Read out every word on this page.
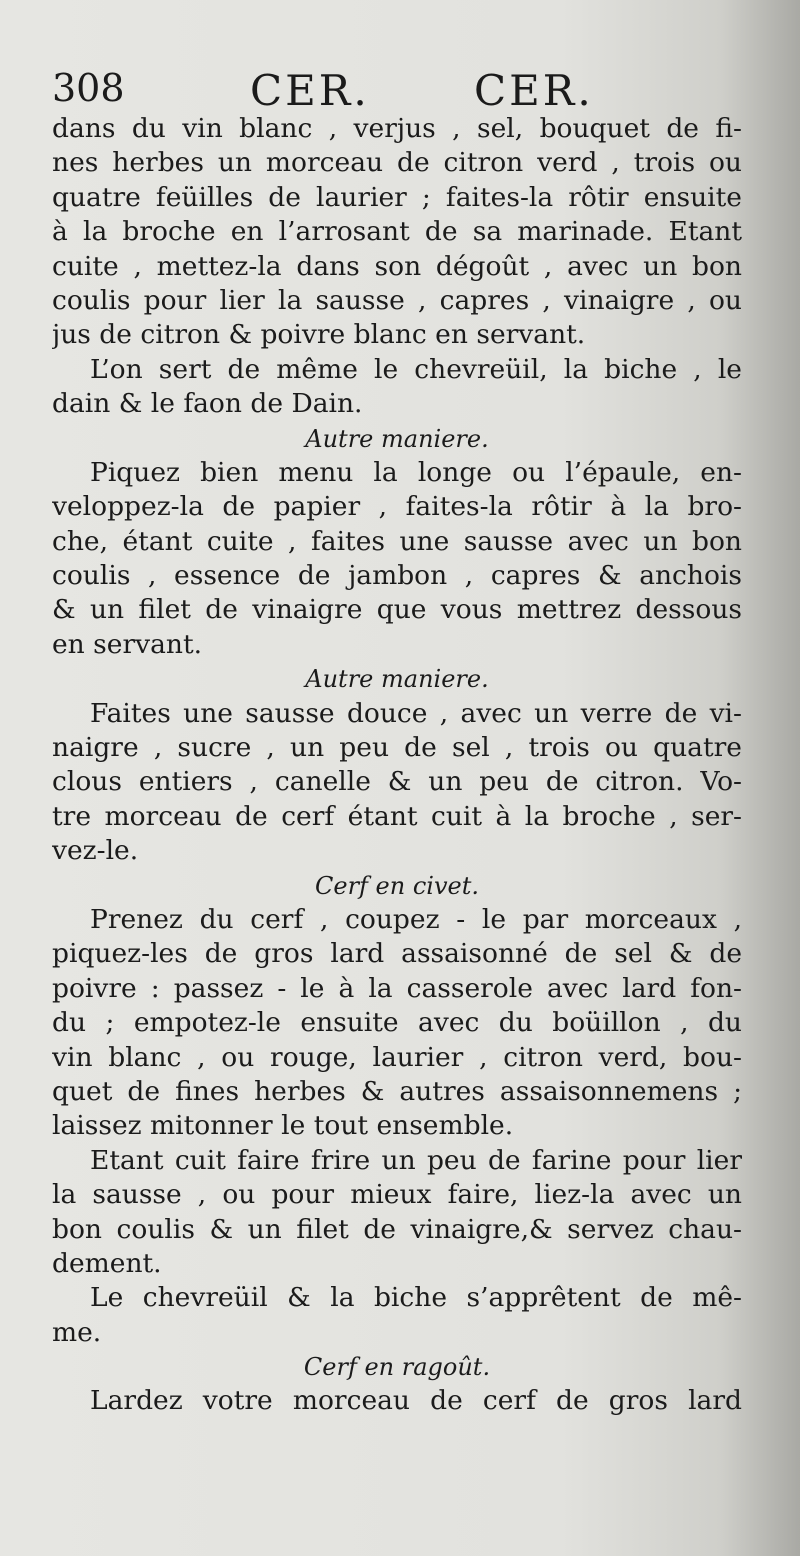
308	CER. CER.
dans du vin blanc , verjus , sel, bouquet de fi-
nes herbes un morceau de citron verd , trois ou
quatre feüilles de laurier ; faites-la rôtir ensuite
à la broche en l’arrosant de sa marinade. Etant
cuite , mettez-la dans son dégoût , avec un bon
coulis pour lier la sausse , capres , vinaigre , ou
jus de citron & poivre blanc en servant.
L’on sert de même le chevreüil, la biche , le
dain & le faon de Dain.
Autre maniere.
Piquez bien menu la longe ou l’épaule, en-
veloppez-la de papier , faites-la rôtir à la bro-
che, étant cuite , faites une sausse avec un bon
coulis , essence de jambon , capres & anchois
& un filet de vinaigre que vous mettrez dessous
en servant.
Autre maniere.
Faites une sausse douce , avec un verre de vi-
naigre , sucre , un peu de sel , trois ou quatre
clous entiers , canelle & un peu de citron. Vo-
tre morceau de cerf étant cuit à la broche , ser-
vez-le.
Cerf en civet.
Prenez du cerf , coupez - le par morceaux ,
piquez-les de gros lard assaisonné de sel & de
poivre : passez - le à la casserole avec lard fon-
du ; empotez-le ensuite avec du boüillon , du
vin blanc , ou rouge, laurier , citron verd, bou-
quet de fines herbes & autres assaisonnemens ;
laissez mitonner le tout ensemble.
Etant cuit faire frire un peu de farine pour lier
la sausse , ou pour mieux faire, liez-la avec un
bon coulis & un filet de vinaigre,& servez chau-
dement.
Le chevreüil & la biche s’apprêtent de mê-
me.
Cerf en ragoût.
Lardez votre morceau de cerf de gros lard
